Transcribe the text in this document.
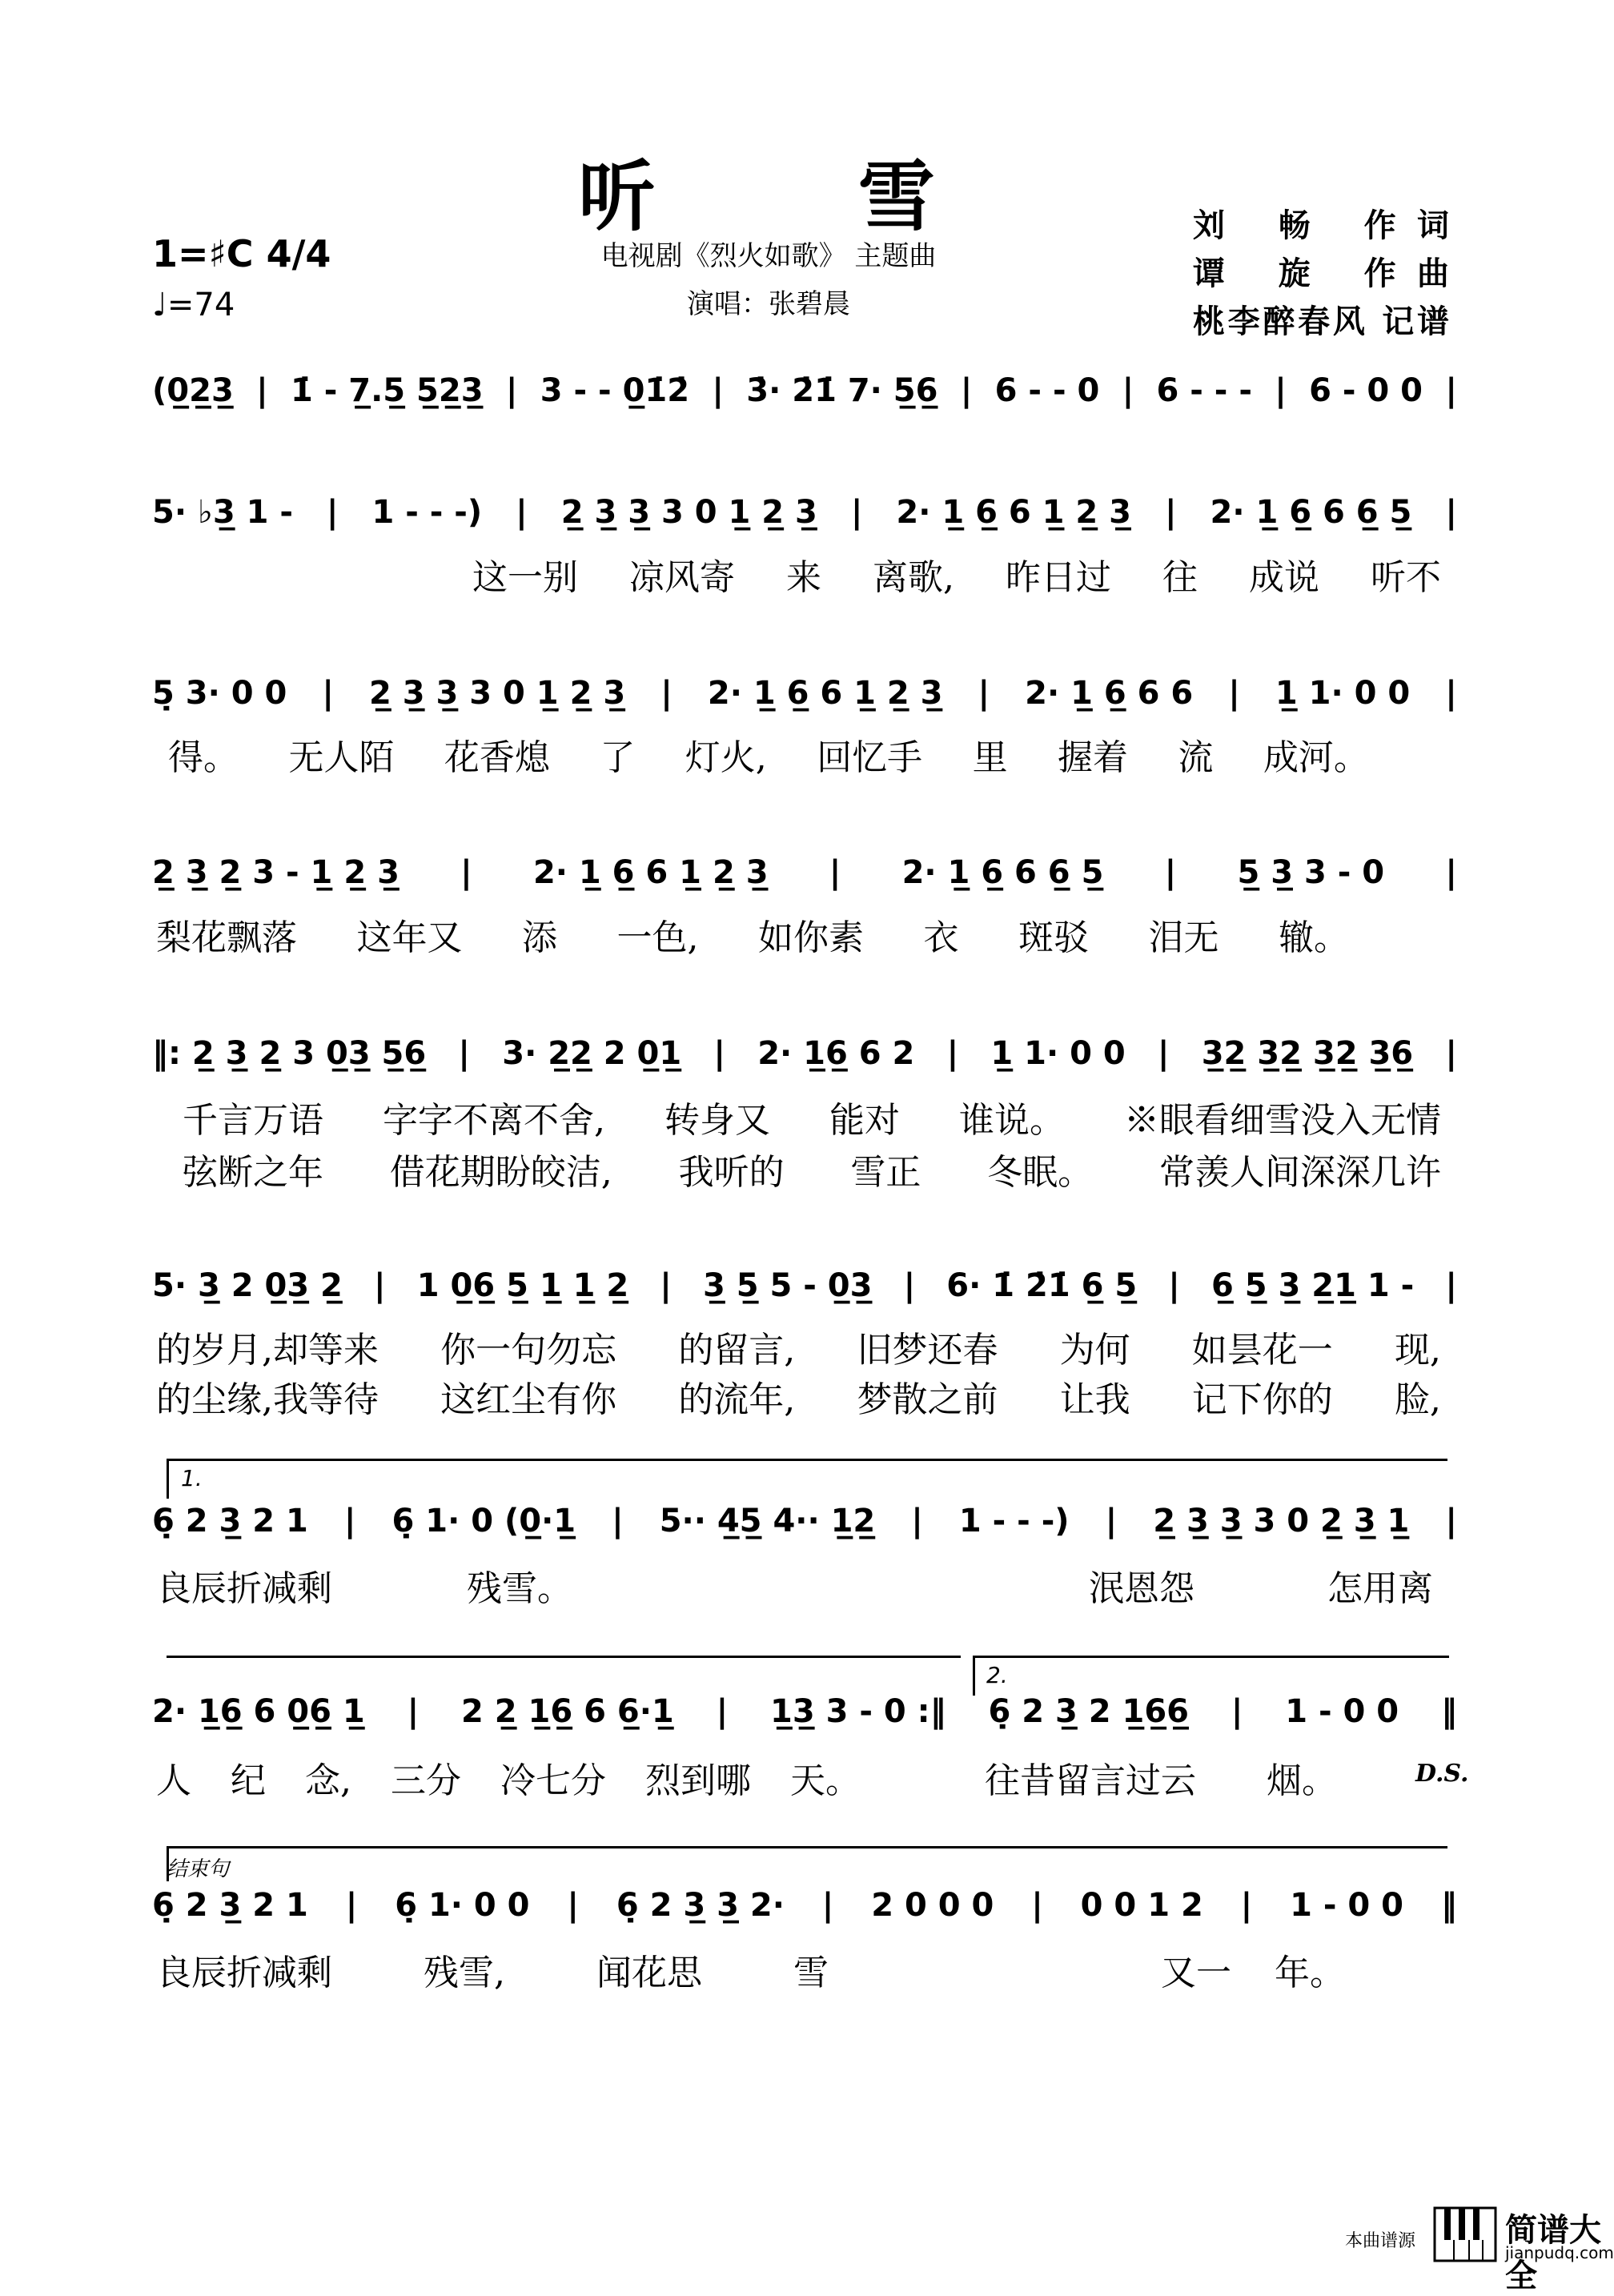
听 雪
电视剧《烈火如歌》 主题曲
演唱：张碧晨
刘 畅 作词
谭 旋 作曲
桃李醉春风 记谱
1=♯C 4/4
♩=74
(0̲2̲3̲ | 1̇ - 7̲.5̲ 5̲2̲3̲ | 3 - - 0̲1̇2̇ | 3̇· 2̇1̇ 7· 5̲6̲ | 6 - - 0 | 6 - - - | 6 - 0 0 |
5· ♭3̲ 1 - | 1 - - -) | 2̲ 3̲ 3̲ 3 0 1̲ 2̲ 3̲ | 2· 1̲ 6̲ 6 1̲ 2̲ 3̲ | 2· 1̲ 6̲ 6 6̲ 5̲ |
这一别 凉风寄 来 离歌, 昨日过 往 成说 听不
5̣ 3· 0 0 | 2̲ 3̲ 3̲ 3 0 1̲ 2̲ 3̲ | 2· 1̲ 6̲ 6 1̲ 2̲ 3̲ | 2· 1̲ 6̲ 6 6 | 1̲ 1· 0 0 |
得。 无人陌 花香熄 了 灯火, 回忆手 里 握着 流 成河。
2̲ 3̲ 2̲ 3 - 1̲ 2̲ 3̲ | 2· 1̲ 6̲ 6 1̲ 2̲ 3̲ | 2· 1̲ 6̲ 6 6̲ 5̲ | 5̲ 3̲ 3 - 0 |
梨花飘落 这年又 添 一色, 如你素 衣 斑驳 泪无 辙。
‖: 2̲ 3̲ 2̲ 3 0̲3̲ 5̲6̲ | 3· 2̲2̲ 2 0̲1̲ | 2· 1̲6̲ 6 2 | 1̲ 1· 0 0 | 3̲2̲ 3̲2̲ 3̲2̲ 3̲6̲ |
千言万语 字字不离不舍, 转身又 能对 谁说。 ※眼看细雪没入无情
弦断之年 借花期盼皎洁, 我听的 雪正 冬眠。 常羡人间深深几许
5· 3̲ 2 0̲3̲ 2̲ | 1 0̲6̲ 5̲ 1̲ 1̲ 2̲ | 3̲ 5̲ 5 - 0̲3̲ | 6· 1̇ 2̇1̇ 6̲ 5̲ | 6̲ 5̲ 3̲ 2̲1̲ 1 - |
的岁月,却等来 你一句勿忘 的留言, 旧梦还春 为何 如昙花一 现,
的尘缘,我等待 这红尘有你 的流年, 梦散之前 让我 记下你的 脸,
1.
6̣ 2 3̲ 2 1 | 6̣ 1· 0 (0̲·1̲ | 5·· 4̲5̲ 4·· 1̲2̲ | 1 - - -) | 2̲ 3̲ 3̲ 3 0 2̲ 3̲ 1̲ |
良辰折减剩	残雪。	泯恩怨	怎用离
2.
2· 1̲6̲ 6 0̲6̲ 1̲ | 2 2̲ 1̲6̲ 6 6̲·1̲ | 1̲3̲ 3 - 0 :‖ 6̣ 2 3̲ 2 1̲6̲6̲ | 1 - 0 0 ‖
人 纪 念, 三分 冷七分 烈到哪 天。	往昔留言过云 烟。	D.S.
结束句
6̣ 2 3̲ 2 1 | 6̣ 1· 0 0 | 6̣ 2 3̲ 3̲ 2· | 2 0 0 0 | 0 0 1 2 | 1 - 0 0 ‖
良辰折减剩	残雪,	闻花思	雪	又一 年。
本曲谱源	简谱大全
jianpudq.com
